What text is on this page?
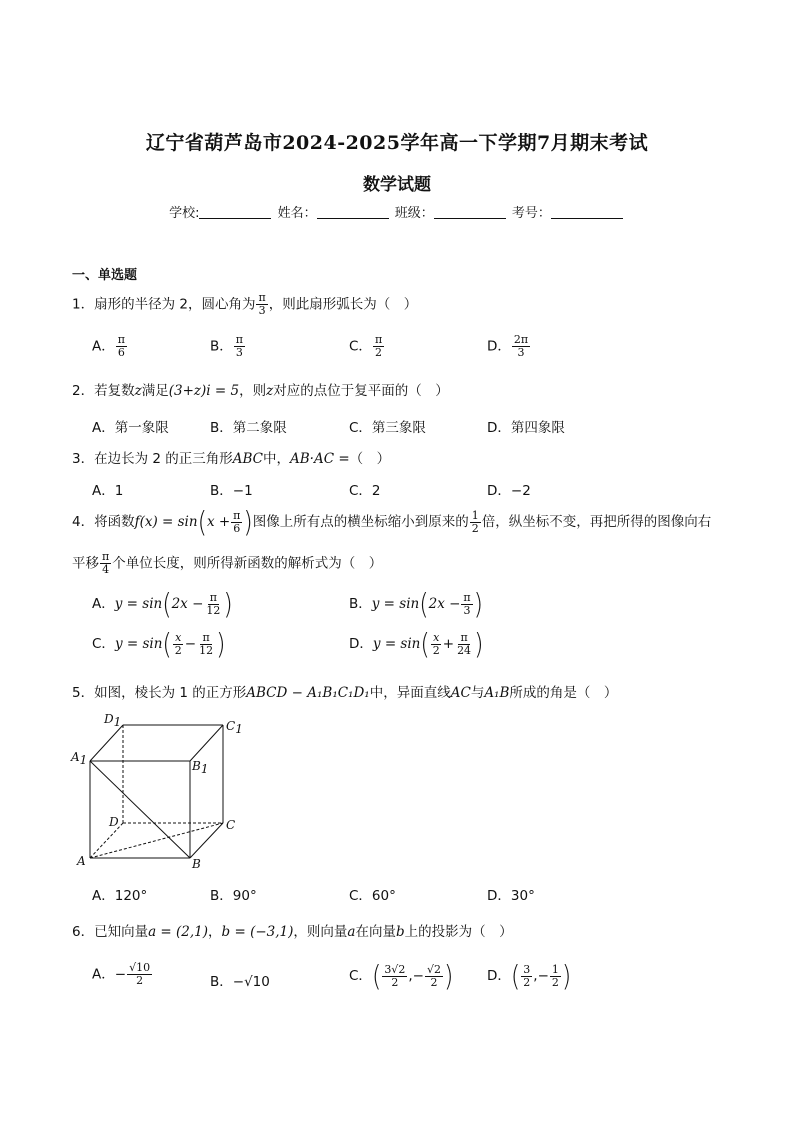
辽宁省葫芦岛市2024-2025学年高一下学期7月期末考试
数学试题
学校:	姓名：	班级：	考号：
一、单选题
1．扇形的半径为 2，圆心角为 $\frac{\pi}{3}$ ，则此扇形弧长为（　）
A． $\frac{\pi}{6}$	B． $\frac{\pi}{3}$	C． $\frac{\pi}{2}$	D． $\frac{2\pi}{3}$
2．若复数z满足(3+z)i = 5，则z对应的点位于复平面的（　）
A．第一象限	B．第二象限	C．第三象限	D．第四象限
3．在边长为 2 的正三角形ABC中，AB·AC =（　）
A．1	B．−1	C．2	D．−2
4．将函数$f(x) = \sin(x + \frac{\pi}{6}$ )图像上所有点的横坐标缩小到原来的 $\frac{1}{2}$ 倍，纵坐标不变，再把所得的图像向右
平移 $\frac{\pi}{4}$ 个单位长度，则所得新函数的解析式为（　）
A．$y = \sin(2x - \frac{\pi}{12}$ )	B．$y = \sin(2x - \frac{\pi}{3}$ )
C．$y = \sin( \frac{x}{2} - \frac{\pi}{12}$ )	D．$y = \sin( \frac{x}{2} + \frac{\pi}{24}$ )
5．如图，棱长为 1 的正方形ABCD − A₁B₁C₁D₁中，异面直线AC与A₁B所成的角是（　）
D1	C1
A1	B1
D	C
A	B
A．120°	B．90°	C．60°	D．30°
6．已知向量a = (2,1)，b = (−3,1)，则向量a在向量b上的投影为（　）
A．− $\frac{√10}{2}$	B．−√10	C．( $\frac{3√2}{2}$ ,− $\frac{√2}{2}$ ) D．( $\frac{3}{2}$ ,− $\frac{1}{2}$ )
